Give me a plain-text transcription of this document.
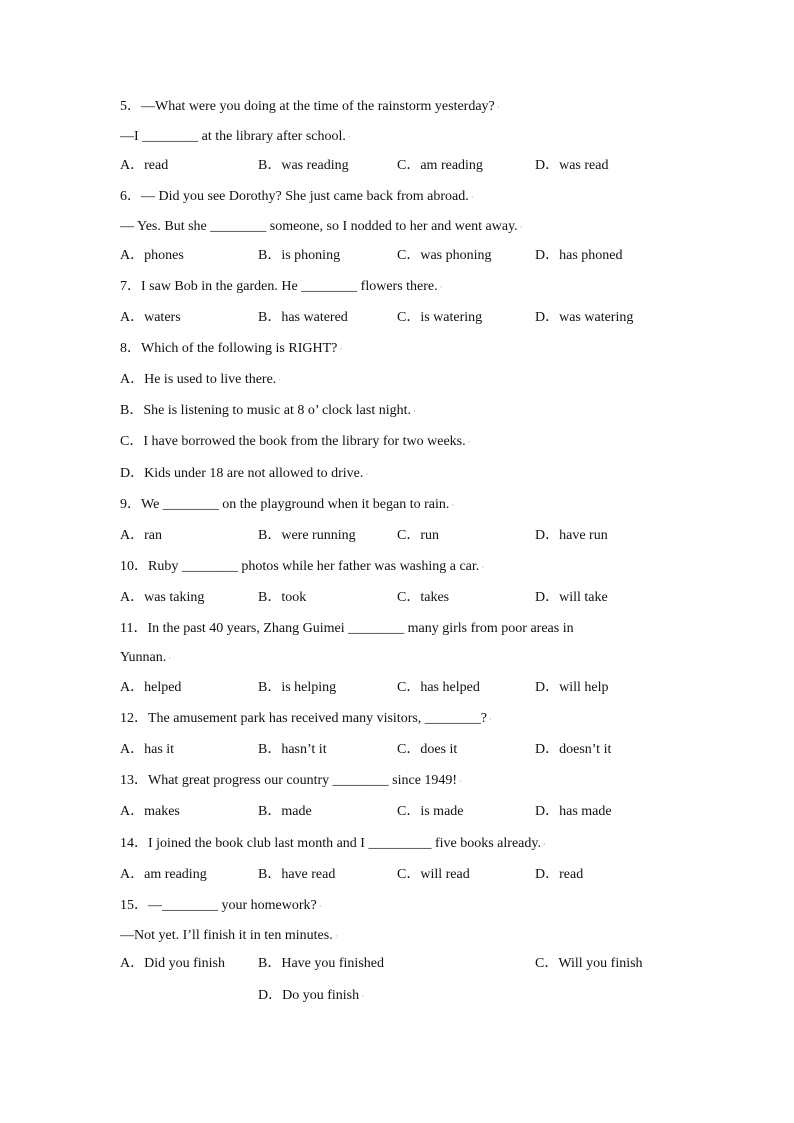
5．—What were you doing at the time of the rainstorm yesterday? ·
—I ________ at the library after school. ·
A．read	B．was reading	C．am reading	D．was read
6．— Did you see Dorothy? She just came back from abroad. ·
— Yes. But she ________ someone, so I nodded to her and went away. ·
A．phones	B．is phoning	C．was phoning	D．has phoned
7．I saw Bob in the garden. He ________ flowers there. ·
A．waters	B．has watered	C．is watering	D．was watering
8．Which of the following is RIGHT? ·
A．He is used to live there. ·
B．She is listening to music at 8 o’ clock last night. ·
C．I have borrowed the book from the library for two weeks. ·
D．Kids under 18 are not allowed to drive. ·
9．We ________ on the playground when it began to rain. ·
A．ran	B．were running	C．run	D．have run
10．Ruby ________ photos while her father was washing a car. ·
A．was taking	B．took	C．takes	D．will take
11．In the past 40 years, Zhang Guimei ________ many girls from poor areas in
Yunnan. ·
A．helped	B．is helping	C．has helped	D．will help
12．The amusement park has received many visitors, ________? ·
A．has it	B．hasn’t it	C．does it	D．doesn’t it
13．What great progress our country ________ since 1949! ·
A．makes	B．made	C．is made	D．has made
14．I joined the book club last month and I _________ five books already. ·
A．am reading	B．have read	C．will read	D．read
15．—________ your homework? ·
—Not yet. I’ll finish it in ten minutes. ·
A．Did you finish B．Have you finished	C．Will you finish
D．Do you finish ·
